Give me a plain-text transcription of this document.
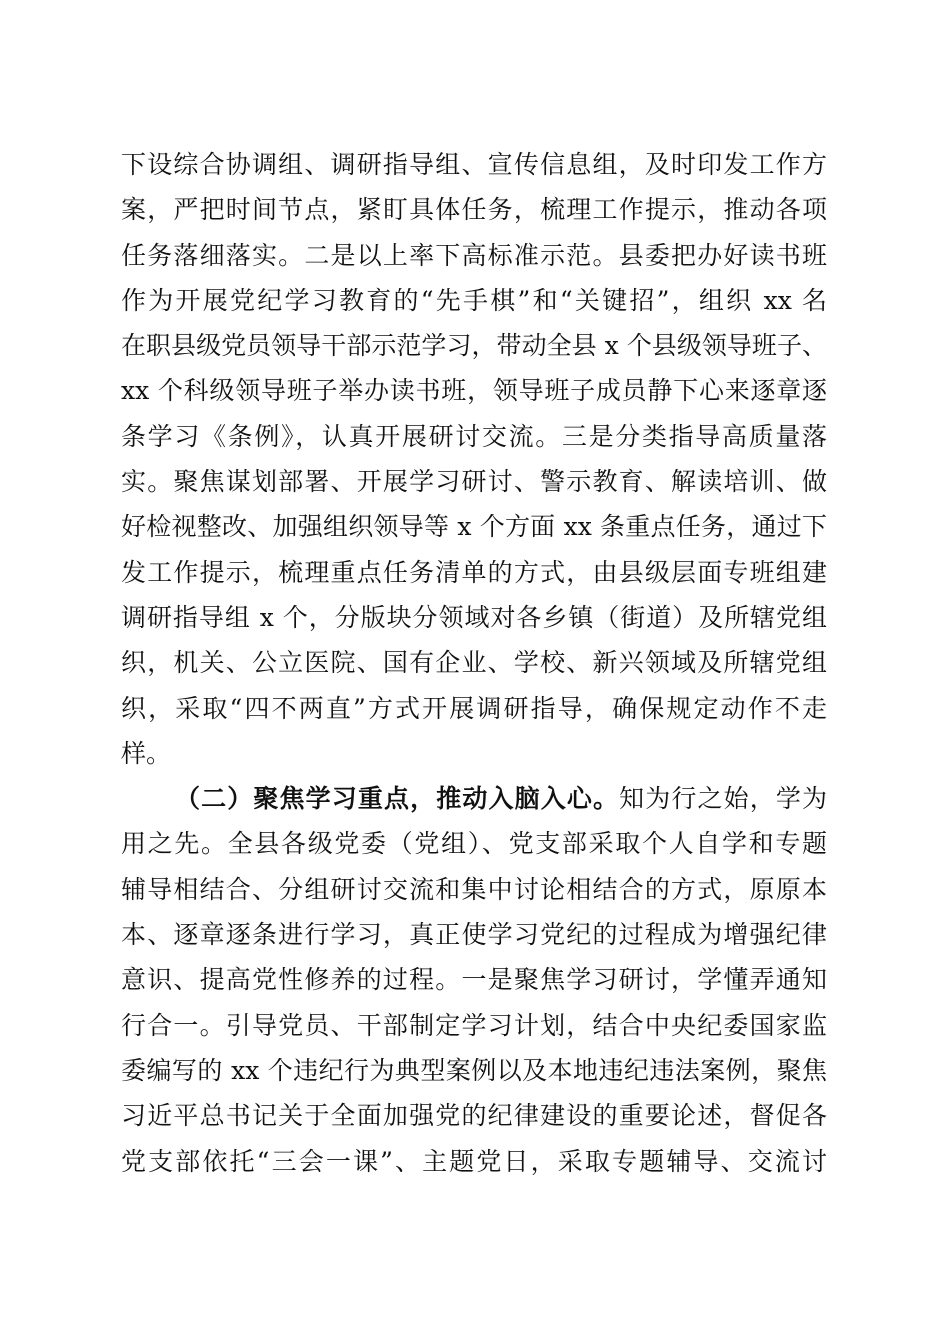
下设综合协调组、调研指导组、宣传信息组，及时印发工作方
案，严把时间节点，紧盯具体任务，梳理工作提示，推动各项
任务落细落实。二是以上率下高标准示范。县委把办好读书班
作为开展党纪学习教育的“先手棋”和“关键招”，组织 xx 名
在职县级党员领导干部示范学习，带动全县 x 个县级领导班子、
xx 个科级领导班子举办读书班，领导班子成员静下心来逐章逐
条学习《条例》，认真开展研讨交流。三是分类指导高质量落
实。聚焦谋划部署、开展学习研讨、警示教育、解读培训、做
好检视整改、加强组织领导等 x 个方面 xx 条重点任务，通过下
发工作提示，梳理重点任务清单的方式，由县级层面专班组建
调研指导组 x 个，分版块分领域对各乡镇（街道）及所辖党组
织，机关、公立医院、国有企业、学校、新兴领域及所辖党组
织，采取“四不两直”方式开展调研指导，确保规定动作不走
样。
（二）聚焦学习重点，推动入脑入心。知为行之始，学为
用之先。全县各级党委（党组）、党支部采取个人自学和专题
辅导相结合、分组研讨交流和集中讨论相结合的方式，原原本
本、逐章逐条进行学习，真正使学习党纪的过程成为增强纪律
意识、提高党性修养的过程。一是聚焦学习研讨，学懂弄通知
行合一。引导党员、干部制定学习计划，结合中央纪委国家监
委编写的 xx 个违纪行为典型案例以及本地违纪违法案例，聚焦
习近平总书记关于全面加强党的纪律建设的重要论述，督促各
党支部依托“三会一课”、主题党日，采取专题辅导、交流讨
